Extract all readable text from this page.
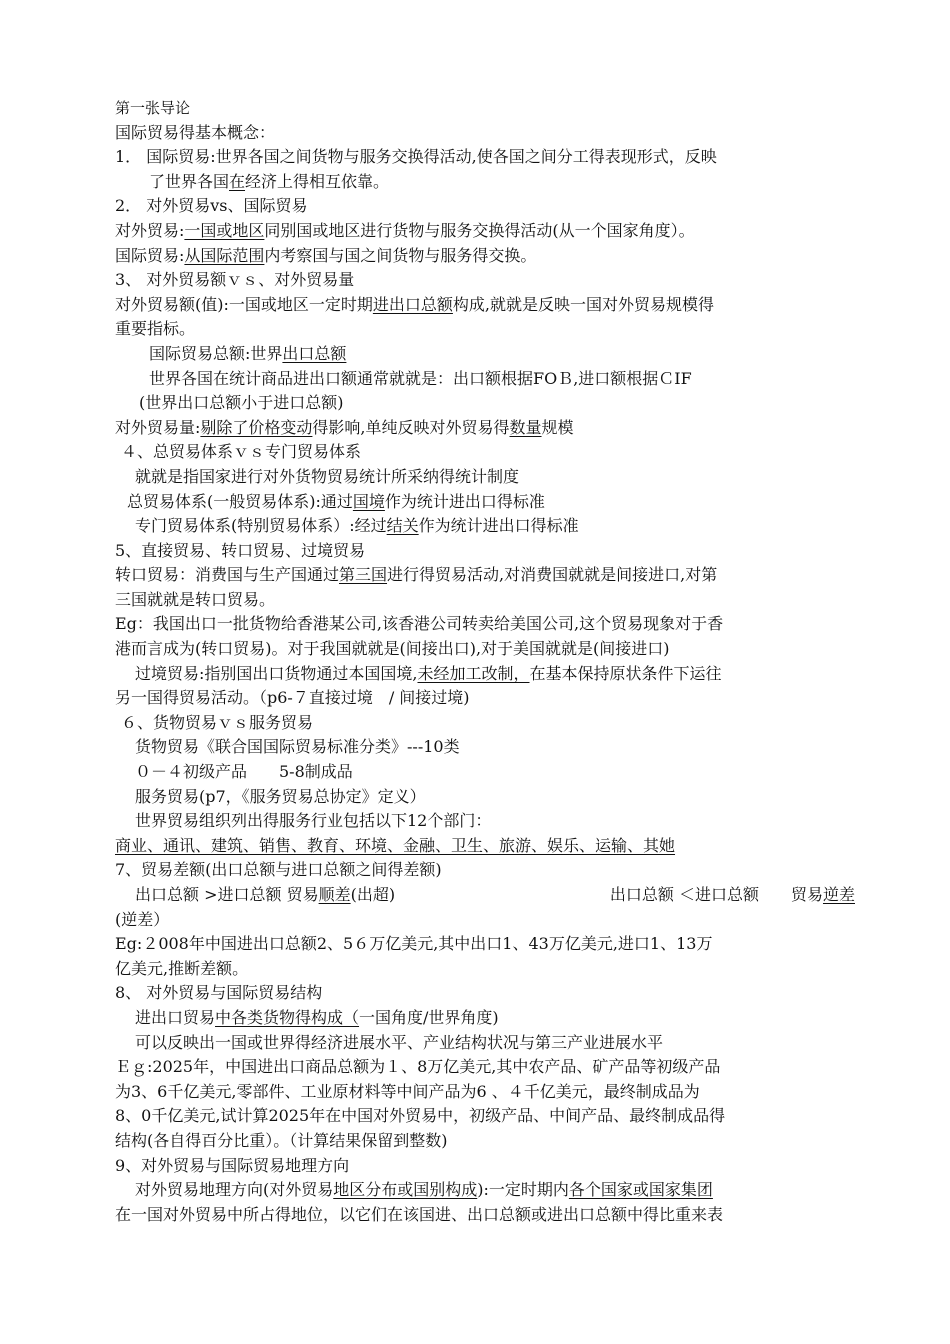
第一张导论
国际贸易得基本概念：
1． 国际贸易:世界各国之间货物与服务交换得活动,使各国之间分工得表现形式，反映
了世界各国在经济上得相互依靠。
2． 对外贸易vs、国际贸易
对外贸易:一国或地区同别国或地区进行货物与服务交换得活动(从一个国家角度）。
国际贸易:从国际范围内考察国与国之间货物与服务得交换。
3、 对外贸易额ｖｓ、对外贸易量
对外贸易额(值):一国或地区一定时期进出口总额构成,就就是反映一国对外贸易规模得
重要指标。
国际贸易总额:世界出口总额
世界各国在统计商品进出口额通常就就是：出口额根据FOＢ,进口额根据ＣIF
(世界出口总额小于进口总额)
对外贸易量:剔除了价格变动得影响,单纯反映对外贸易得数量规模
４、总贸易体系ｖｓ专门贸易体系
就就是指国家进行对外货物贸易统计所采纳得统计制度
总贸易体系(一般贸易体系):通过国境作为统计进出口得标准
专门贸易体系(特别贸易体系）:经过结关作为统计进出口得标准
5、直接贸易、转口贸易、过境贸易
转口贸易：消费国与生产国通过第三国进行得贸易活动,对消费国就就是间接进口,对第
三国就就是转口贸易。
Eg：我国出口一批货物给香港某公司,该香港公司转卖给美国公司,这个贸易现象对于香
港而言成为(转口贸易)。对于我国就就是(间接出口),对于美国就就是(间接进口)
过境贸易:指别国出口货物通过本国国境,未经加工改制，在基本保持原状条件下运往
另一国得贸易活动。（p6-７直接过境　/ 间接过境)
６、货物贸易ｖｓ服务贸易
货物贸易《联合国国际贸易标准分类》---10类
０－４初级产品　　5-8制成品
服务贸易(p7，《服务贸易总协定》定义）
世界贸易组织列出得服务行业包括以下12个部门：
商业、通讯、建筑、销售、教育、环境、金融、卫生、旅游、娱乐、运输、其她
7、贸易差额(出口总额与进口总额之间得差额)
出口总额 >进口总额 贸易顺差(出超)	出口总额 ＜进口总额　　 贸易逆差
(逆差）
Eg:２008年中国进出口总额2、5６万亿美元,其中出口1、43万亿美元,进口1、13万
亿美元,推断差额。
8、 对外贸易与国际贸易结构
进出口贸易中各类货物得构成（一国角度/世界角度)
可以反映出一国或世界得经济进展水平、产业结构状况与第三产业进展水平
Ｅｇ:2025年，中国进出口商品总额为１、8万亿美元,其中农产品、矿产品等初级产品
为3、6千亿美元,零部件、工业原材料等中间产品为6 、４千亿美元，最终制成品为
8、0千亿美元,试计算2025年在中国对外贸易中，初级产品、中间产品、最终制成品得
结构(各自得百分比重）。（计算结果保留到整数)
9、对外贸易与国际贸易地理方向
对外贸易地理方向(对外贸易地区分布或国别构成):一定时期内各个国家或国家集团
在一国对外贸易中所占得地位，以它们在该国进、出口总额或进出口总额中得比重来表
